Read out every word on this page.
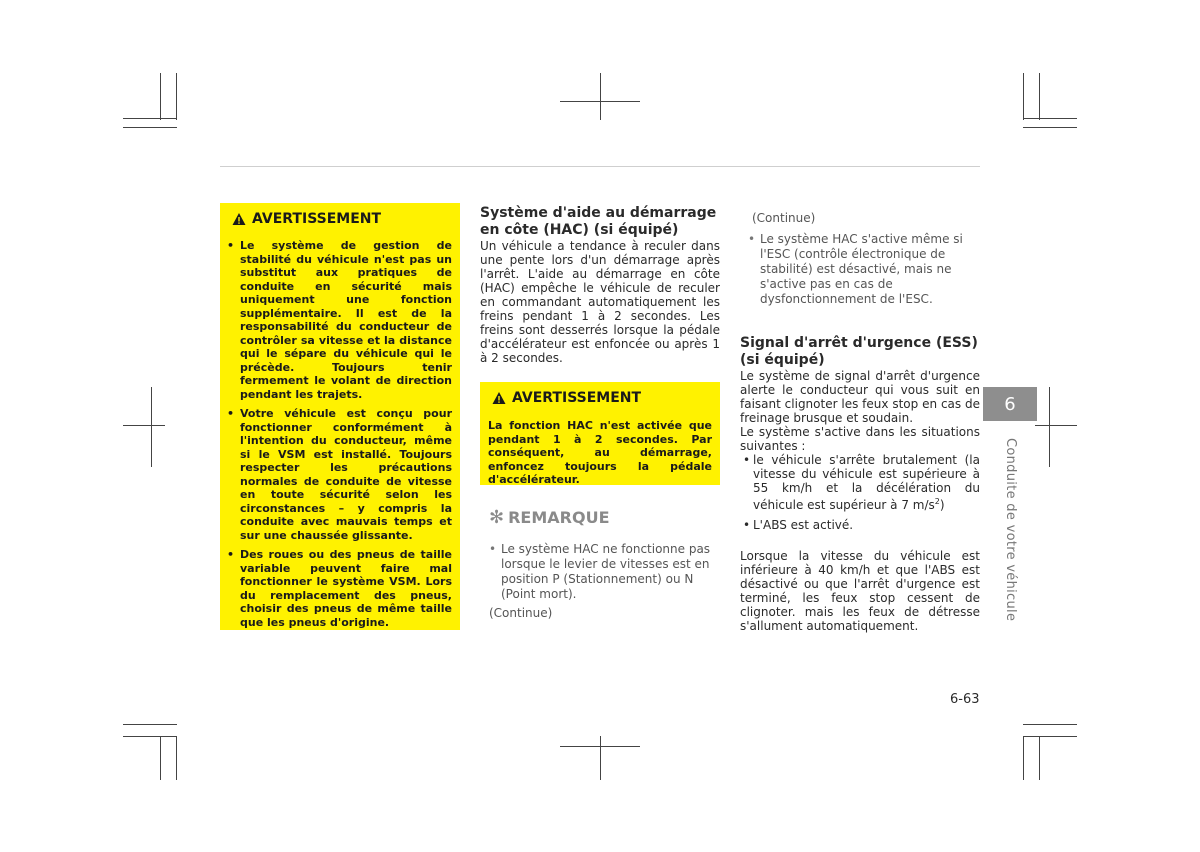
AVERTISSEMENT
• Le système de gestion de stabilité du véhicule n'est pas un substitut aux pratiques de conduite en sécurité mais uniquement une fonction supplémentaire. Il est de la responsabilité du conducteur de contrôler sa vitesse et la distance qui le sépare du véhicule qui le précède. Toujours tenir fermement le volant de direction pendant les trajets.
• Votre véhicule est conçu pour fonctionner conformément à l'intention du conducteur, même si le VSM est installé. Toujours respecter les précautions normales de conduite de vitesse en toute sécurité selon les circonstances – y compris la conduite avec mauvais temps et sur une chaussée glissante.
• Des roues ou des pneus de taille variable peuvent faire mal fonctionner le système VSM. Lors du remplacement des pneus, choisir des pneus de même taille que les pneus d'origine.
Système d'aide au démarrage en côte (HAC) (si équipé)

Un véhicule a tendance à reculer dans une pente lors d'un démarrage après l'arrêt. L'aide au démarrage en côte (HAC) empêche le véhicule de reculer en commandant automatiquement les freins pendant 1 à 2 secondes. Les freins sont desserrés lorsque la pédale d'accélérateur est enfoncée ou après 1 à 2 secondes.

AVERTISSEMENT

La fonction HAC n'est activée que pendant 1 à 2 secondes. Par conséquent, au démarrage, enfoncez toujours la pédale d'accélérateur.

✻ REMARQUE
• Le système HAC ne fonctionne pas lorsque le levier de vitesses est en position P (Stationnement) ou N (Point mort).
(Continue)
(Continue)
• Le système HAC s'active même si l'ESC (contrôle électronique de stabilité) est désactivé, mais ne s'active pas en cas de dysfonctionnement de l'ESC.
Signal d'arrêt d'urgence (ESS) (si équipé)

Le système de signal d'arrêt d'urgence alerte le conducteur qui vous suit en faisant clignoter les feux stop en cas de freinage brusque et soudain.

Le système s'active dans les situations suivantes :

• le véhicule s'arrête brutalement (la vitesse du véhicule est supérieure à 55 km/h et la décélération du véhicule est supérieur à 7 $m/s^2$)
• L'ABS est activé.

Lorsque la vitesse du véhicule est inférieure à 40 km/h et que l'ABS est désactivé ou que l'arrêt d'urgence est terminé, les feux stop cessent de clignoter. mais les feux de détresse s'allument automatiquement.

6
Conduite de votre véhicule
6-63
